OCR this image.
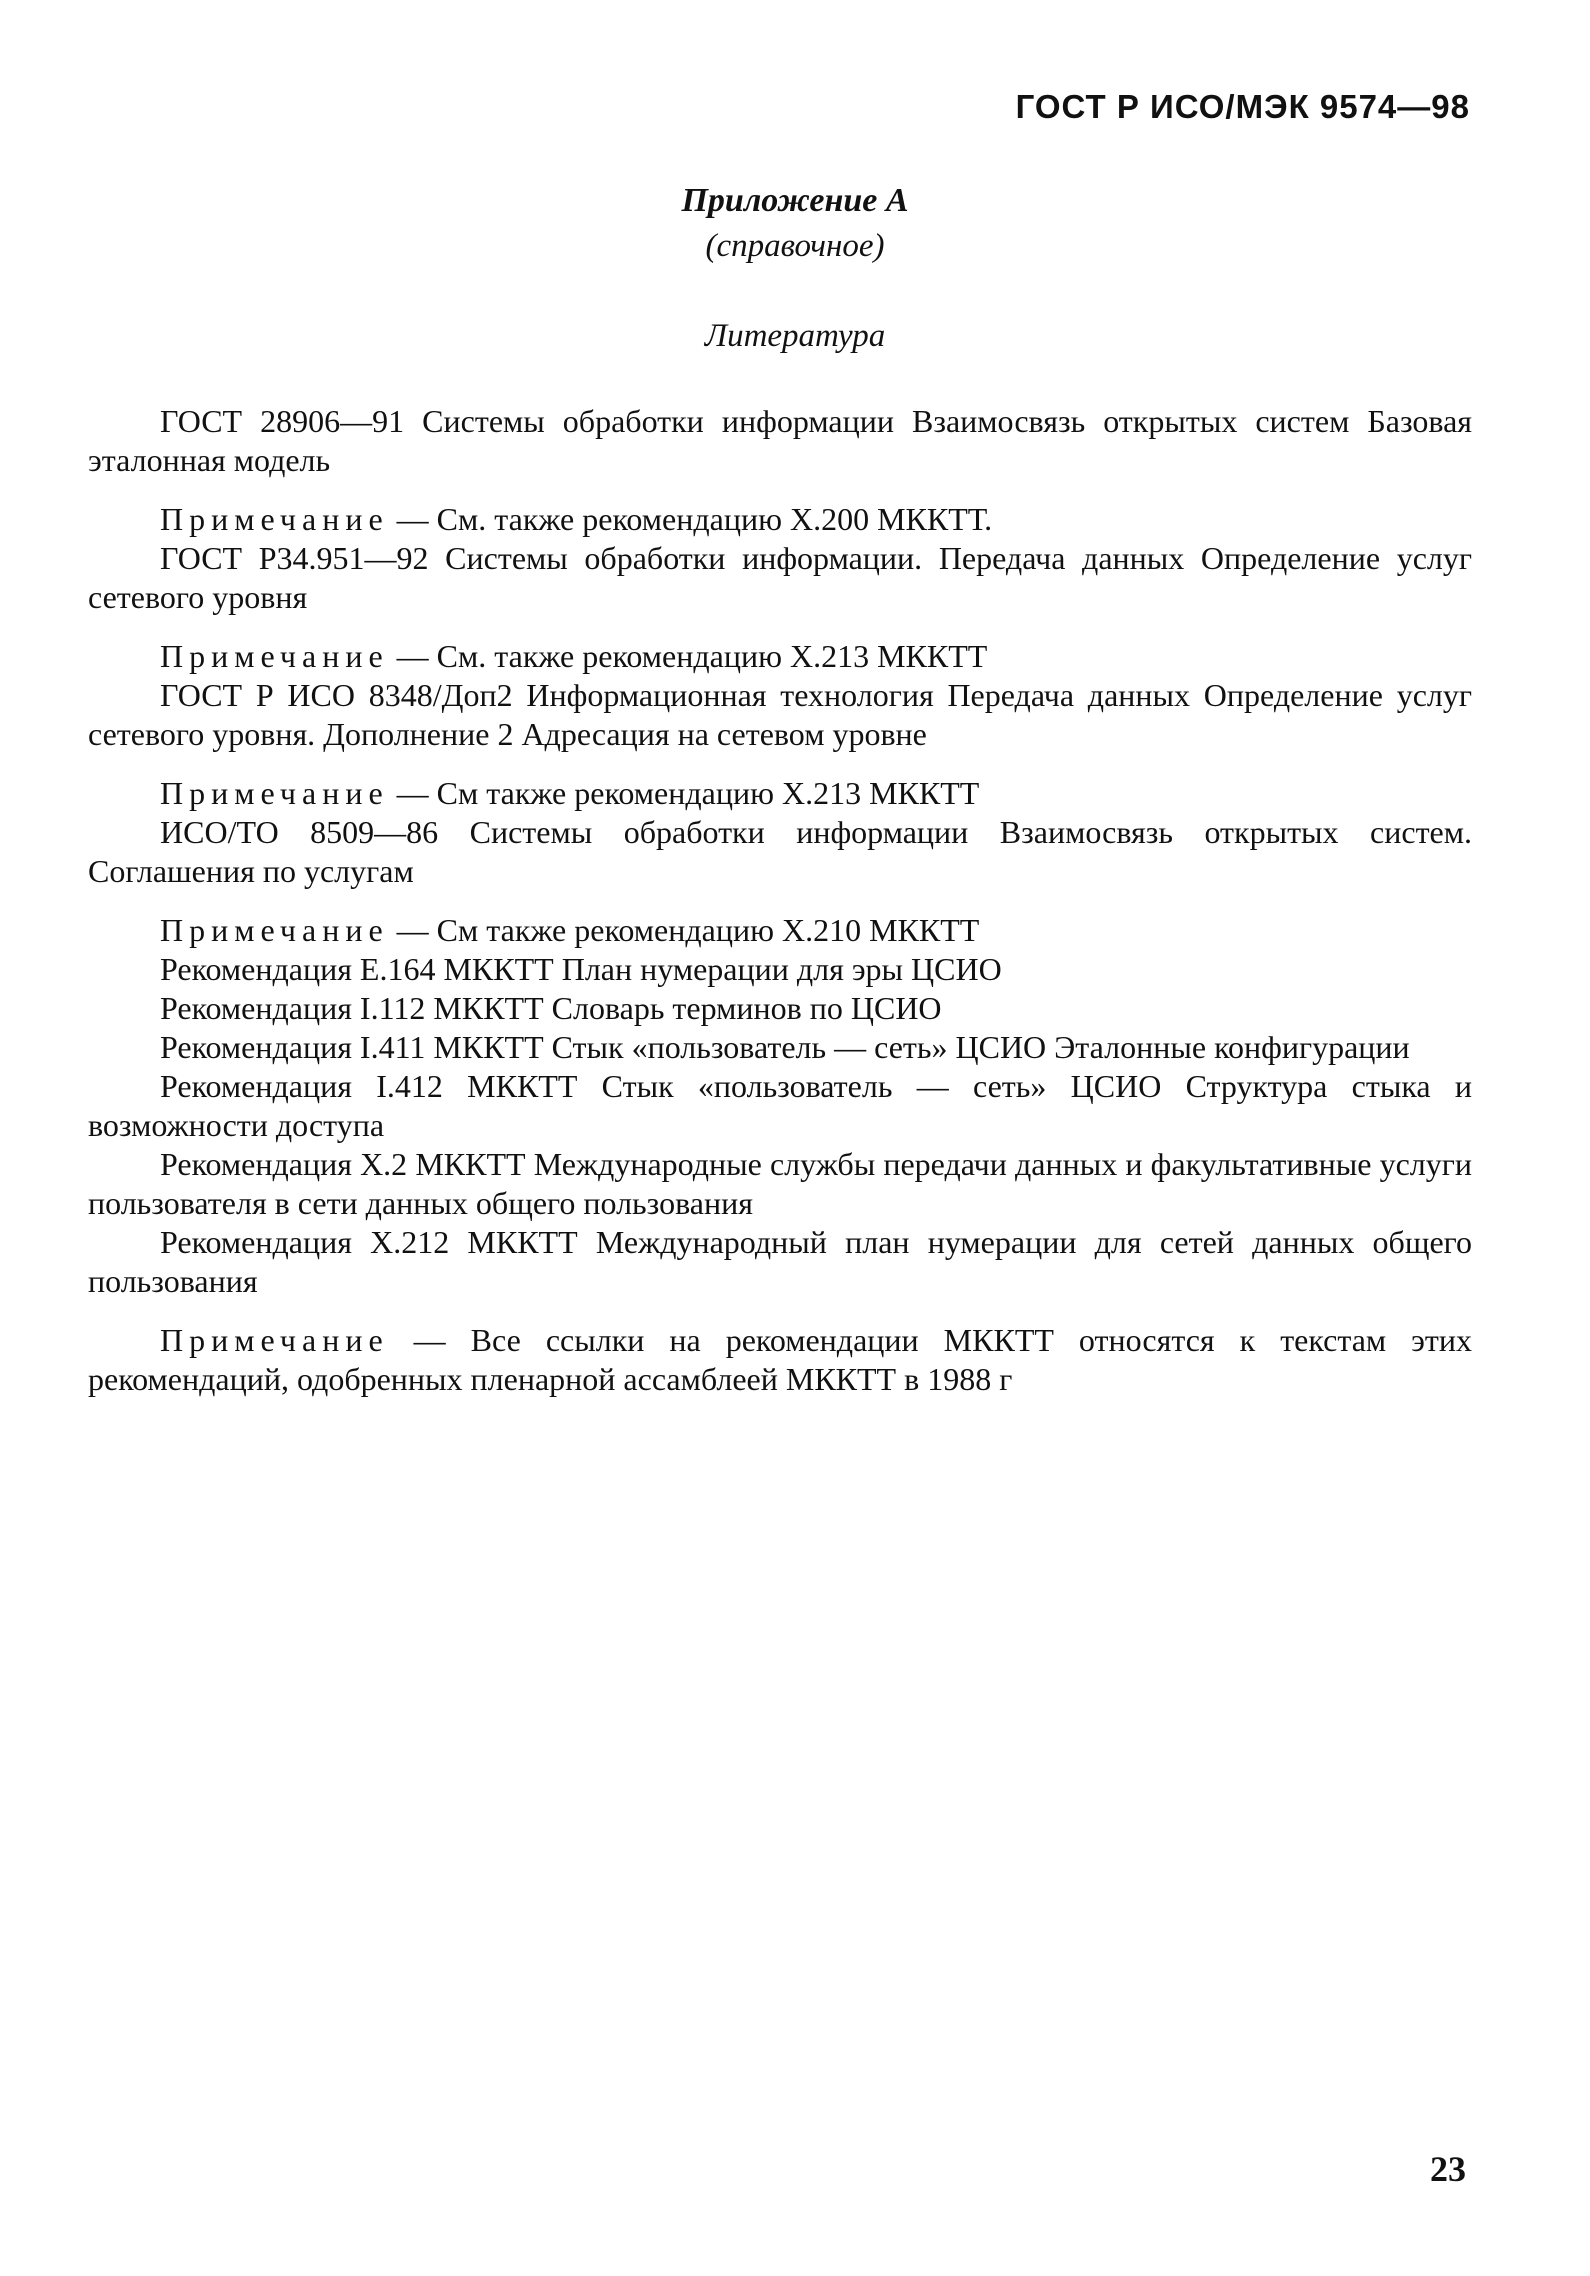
ГОСТ Р ИСО/МЭК 9574—98
Приложение А
(справочное)
Литература

ГОСТ 28906—91 Системы обработки информации Взаимосвязь открытых систем Базовая эталонная модель

Примечание — См. также рекомендацию X.200 МККТТ.

ГОСТ Р34.951—92 Системы обработки информации. Передача данных Определение услуг сетевого уровня

Примечание — См. также рекомендацию X.213 МККТТ

ГОСТ Р ИСО 8348/Доп2 Информационная технология Передача данных Определение услуг сетевого уровня. Дополнение 2 Адресация на сетевом уровне

Примечание — См также рекомендацию X.213 МККТТ

ИСО/ТО 8509—86 Системы обработки информации Взаимосвязь открытых систем. Соглашения по услугам

Примечание — См также рекомендацию X.210 МККТТ

Рекомендация E.164 МККТТ План нумерации для эры ЦСИО

Рекомендация I.112 МККТТ Словарь терминов по ЦСИО

Рекомендация I.411 МККТТ Стык «пользователь — сеть» ЦСИО Эталонные конфигурации

Рекомендация I.412 МККТТ Стык «пользователь — сеть» ЦСИО Структура стыка и возможности доступа

Рекомендация X.2 МККТТ Международные службы передачи данных и факультативные услуги пользователя в сети данных общего пользования

Рекомендация X.212 МККТТ Международный план нумерации для сетей данных общего пользования

Примечание — Все ссылки на рекомендации МККТТ относятся к текстам этих рекомендаций, одобренных пленарной ассамблеей МККТТ в 1988 г

23
